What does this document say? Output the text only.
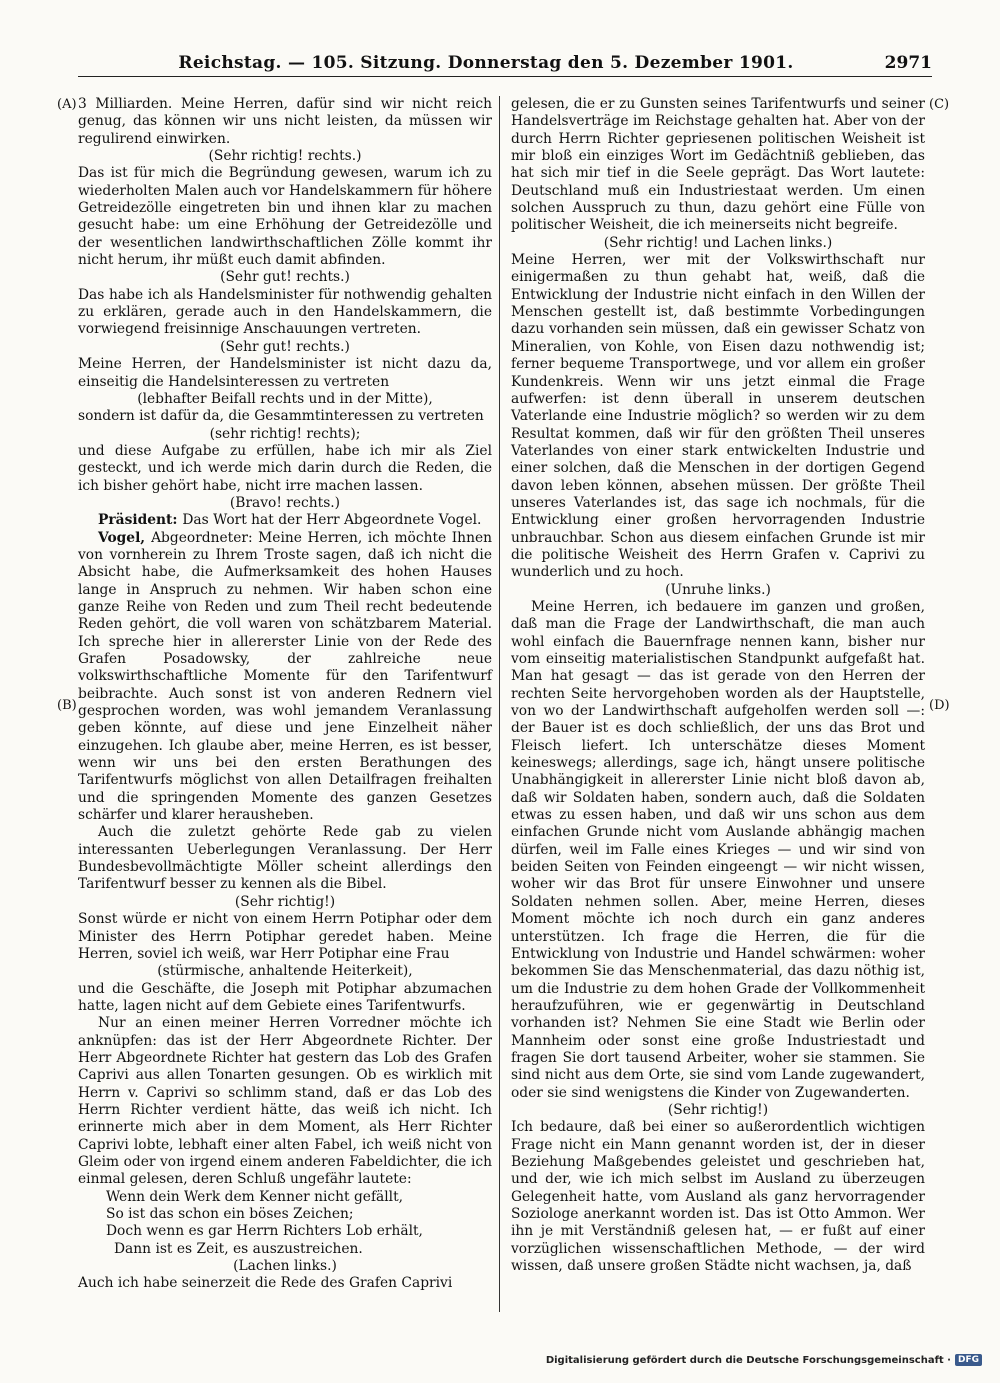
Reichstag. — 105. Sitzung. Donnerstag den 5. Dezember 1901.	2971
(A)
(B)
(C)
(D)

3 Milliarden. Meine Herren, dafür sind wir nicht reich genug, das können wir uns nicht leisten, da müssen wir regulirend einwirken.

(Sehr richtig! rechts.)

Das ist für mich die Begründung gewesen, warum ich zu wiederholten Malen auch vor Handelskammern für höhere Getreidezölle eingetreten bin und ihnen klar zu machen gesucht habe: um eine Erhöhung der Getreidezölle und der wesentlichen landwirthschaftlichen Zölle kommt ihr nicht herum, ihr müßt euch damit abfinden.

(Sehr gut! rechts.)

Das habe ich als Handelsminister für nothwendig gehalten zu erklären, gerade auch in den Handelskammern, die vorwiegend freisinnige Anschauungen vertreten.

(Sehr gut! rechts.)

Meine Herren, der Handelsminister ist nicht dazu da, einseitig die Handelsinteressen zu vertreten

(lebhafter Beifall rechts und in der Mitte),

sondern ist dafür da, die Gesammtinteressen zu vertreten

(sehr richtig! rechts);

und diese Aufgabe zu erfüllen, habe ich mir als Ziel gesteckt, und ich werde mich darin durch die Reden, die ich bisher gehört habe, nicht irre machen lassen.

(Bravo! rechts.)

Präsident: Das Wort hat der Herr Abgeordnete Vogel.

Vogel, Abgeordneter: Meine Herren, ich möchte Ihnen von vornherein zu Ihrem Troste sagen, daß ich nicht die Absicht habe, die Aufmerksamkeit des hohen Hauses lange in Anspruch zu nehmen. Wir haben schon eine ganze Reihe von Reden und zum Theil recht bedeutende Reden gehört, die voll waren von schätzbarem Material. Ich spreche hier in allererster Linie von der Rede des Grafen Posadowsky, der zahlreiche neue volkswirthschaftliche Momente für den Tarifentwurf beibrachte. Auch sonst ist von anderen Rednern viel gesprochen worden, was wohl jemandem Veranlassung geben könnte, auf diese und jene Einzelheit näher einzugehen. Ich glaube aber, meine Herren, es ist besser, wenn wir uns bei den ersten Berathungen des Tarifentwurfs möglichst von allen Detailfragen freihalten und die springenden Momente des ganzen Gesetzes schärfer und klarer herausheben.

Auch die zuletzt gehörte Rede gab zu vielen interessanten Ueberlegungen Veranlassung. Der Herr Bundesbevollmächtigte Möller scheint allerdings den Tarifentwurf besser zu kennen als die Bibel.

(Sehr richtig!)

Sonst würde er nicht von einem Herrn Potiphar oder dem Minister des Herrn Potiphar geredet haben. Meine Herren, soviel ich weiß, war Herr Potiphar eine Frau

(stürmische, anhaltende Heiterkeit),

und die Geschäfte, die Joseph mit Potiphar abzumachen hatte, lagen nicht auf dem Gebiete eines Tarifentwurfs.

Nur an einen meiner Herren Vorredner möchte ich anknüpfen: das ist der Herr Abgeordnete Richter. Der Herr Abgeordnete Richter hat gestern das Lob des Grafen Caprivi aus allen Tonarten gesungen. Ob es wirklich mit Herrn v. Caprivi so schlimm stand, daß er das Lob des Herrn Richter verdient hätte, das weiß ich nicht. Ich erinnerte mich aber in dem Moment, als Herr Richter Caprivi lobte, lebhaft einer alten Fabel, ich weiß nicht von Gleim oder von irgend einem anderen Fabeldichter, die ich einmal gelesen, deren Schluß ungefähr lautete:

Wenn dein Werk dem Kenner nicht gefällt,

So ist das schon ein böses Zeichen;

Doch wenn es gar Herrn Richters Lob erhält,

Dann ist es Zeit, es auszustreichen.

(Lachen links.)

Auch ich habe seinerzeit die Rede des Grafen Caprivi

gelesen, die er zu Gunsten seines Tarifentwurfs und seiner Handelsverträge im Reichstage gehalten hat. Aber von der durch Herrn Richter gepriesenen politischen Weisheit ist mir bloß ein einziges Wort im Gedächtniß geblieben, das hat sich mir tief in die Seele geprägt. Das Wort lautete: Deutschland muß ein Industriestaat werden. Um einen solchen Ausspruch zu thun, dazu gehört eine Fülle von politischer Weisheit, die ich meinerseits nicht begreife.

(Sehr richtig! und Lachen links.)

Meine Herren, wer mit der Volkswirthschaft nur einigermaßen zu thun gehabt hat, weiß, daß die Entwicklung der Industrie nicht einfach in den Willen der Menschen gestellt ist, daß bestimmte Vorbedingungen dazu vorhanden sein müssen, daß ein gewisser Schatz von Mineralien, von Kohle, von Eisen dazu nothwendig ist; ferner bequeme Transportwege, und vor allem ein großer Kundenkreis. Wenn wir uns jetzt einmal die Frage aufwerfen: ist denn überall in unserem deutschen Vaterlande eine Industrie möglich? so werden wir zu dem Resultat kommen, daß wir für den größten Theil unseres Vaterlandes von einer stark entwickelten Industrie und einer solchen, daß die Menschen in der dortigen Gegend davon leben können, absehen müssen. Der größte Theil unseres Vaterlandes ist, das sage ich nochmals, für die Entwicklung einer großen hervorragenden Industrie unbrauchbar. Schon aus diesem einfachen Grunde ist mir die politische Weisheit des Herrn Grafen v. Caprivi zu wunderlich und zu hoch.

(Unruhe links.)

Meine Herren, ich bedauere im ganzen und großen, daß man die Frage der Landwirthschaft, die man auch wohl einfach die Bauernfrage nennen kann, bisher nur vom einseitig materialistischen Standpunkt aufgefaßt hat. Man hat gesagt — das ist gerade von den Herren der rechten Seite hervorgehoben worden als der Hauptstelle, von wo der Landwirthschaft aufgeholfen werden soll —: der Bauer ist es doch schließlich, der uns das Brot und Fleisch liefert. Ich unterschätze dieses Moment keineswegs; allerdings, sage ich, hängt unsere politische Unabhängigkeit in allererster Linie nicht bloß davon ab, daß wir Soldaten haben, sondern auch, daß die Soldaten etwas zu essen haben, und daß wir uns schon aus dem einfachen Grunde nicht vom Auslande abhängig machen dürfen, weil im Falle eines Krieges — und wir sind von beiden Seiten von Feinden eingeengt — wir nicht wissen, woher wir das Brot für unsere Einwohner und unsere Soldaten nehmen sollen. Aber, meine Herren, dieses Moment möchte ich noch durch ein ganz anderes unterstützen. Ich frage die Herren, die für die Entwicklung von Industrie und Handel schwärmen: woher bekommen Sie das Menschenmaterial, das dazu nöthig ist, um die Industrie zu dem hohen Grade der Vollkommenheit heraufzuführen, wie er gegenwärtig in Deutschland vorhanden ist? Nehmen Sie eine Stadt wie Berlin oder Mannheim oder sonst eine große Industriestadt und fragen Sie dort tausend Arbeiter, woher sie stammen. Sie sind nicht aus dem Orte, sie sind vom Lande zugewandert, oder sie sind wenigstens die Kinder von Zugewanderten.

(Sehr richtig!)

Ich bedaure, daß bei einer so außerordentlich wichtigen Frage nicht ein Mann genannt worden ist, der in dieser Beziehung Maßgebendes geleistet und geschrieben hat, und der, wie ich mich selbst im Ausland zu überzeugen Gelegenheit hatte, vom Ausland als ganz hervorragender Soziologe anerkannt worden ist. Das ist Otto Ammon. Wer ihn je mit Verständniß gelesen hat, — er fußt auf einer vorzüglichen wissenschaftlichen Methode, — der wird wissen, daß unsere großen Städte nicht wachsen, ja, daß

Digitalisierung gefördert durch die Deutsche Forschungsgemeinschaft · DFG
